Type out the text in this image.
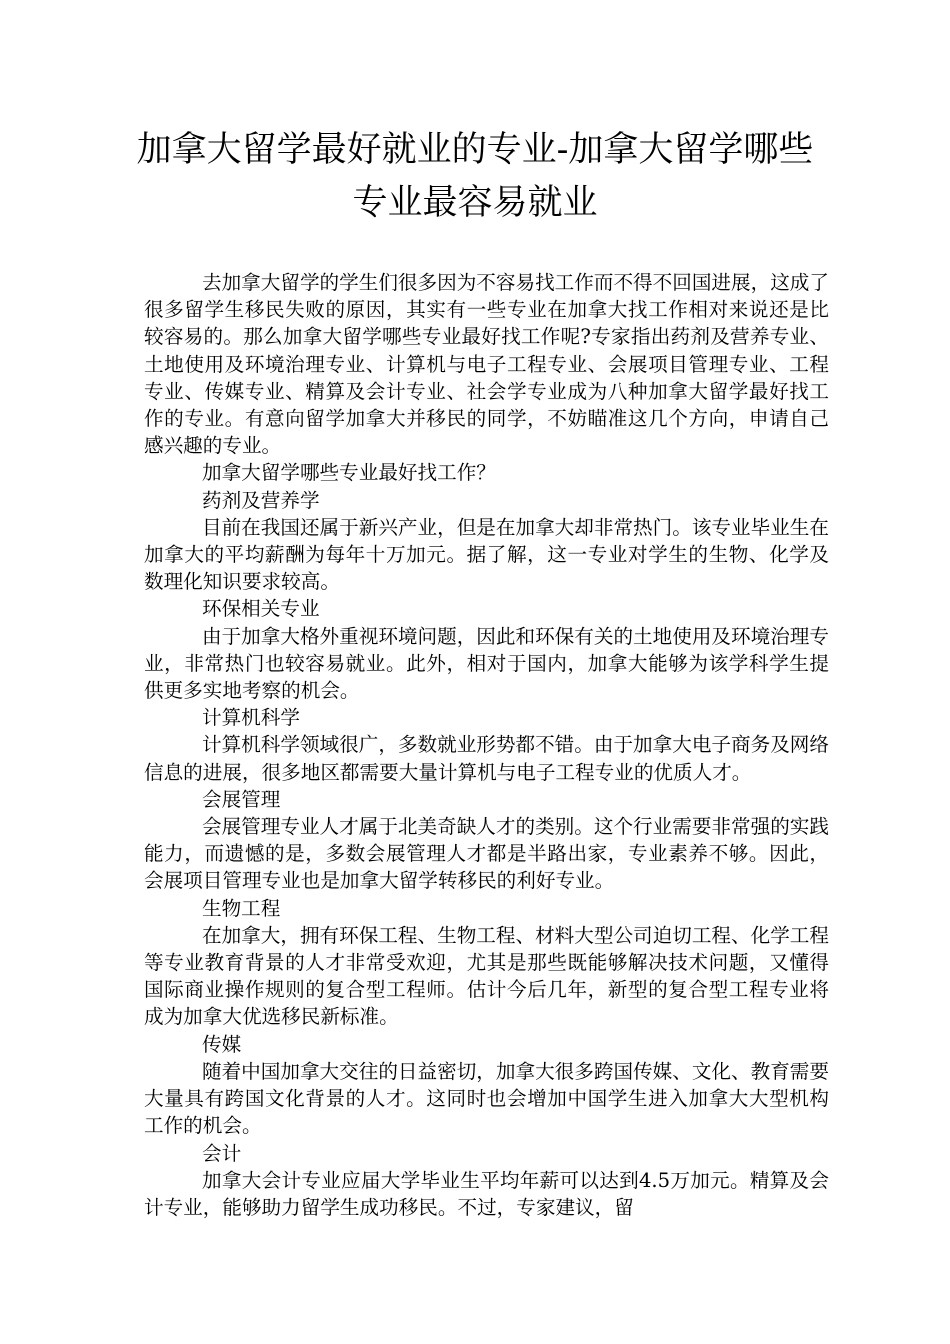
加拿大留学最好就业的专业-加拿大留学哪些专业最容易就业

去加拿大留学的学生们很多因为不容易找工作而不得不回国进展，这成了很多留学生移民失败的原因，其实有一些专业在加拿大找工作相对来说还是比较容易的。那么加拿大留学哪些专业最好找工作呢?专家指出药剂及营养专业、土地使用及环境治理专业、计算机与电子工程专业、会展项目管理专业、工程专业、传媒专业、精算及会计专业、社会学专业成为八种加拿大留学最好找工作的专业。有意向留学加拿大并移民的同学，不妨瞄准这几个方向，申请自己感兴趣的专业。

加拿大留学哪些专业最好找工作？

药剂及营养学

目前在我国还属于新兴产业，但是在加拿大却非常热门。该专业毕业生在加拿大的平均薪酬为每年十万加元。据了解，这一专业对学生的生物、化学及数理化知识要求较高。

环保相关专业

由于加拿大格外重视环境问题，因此和环保有关的土地使用及环境治理专业，非常热门也较容易就业。此外，相对于国内，加拿大能够为该学科学生提供更多实地考察的机会。

计算机科学

计算机科学领域很广，多数就业形势都不错。由于加拿大电子商务及网络信息的进展，很多地区都需要大量计算机与电子工程专业的优质人才。

会展管理

会展管理专业人才属于北美奇缺人才的类别。这个行业需要非常强的实践能力，而遗憾的是，多数会展管理人才都是半路出家，专业素养不够。因此，会展项目管理专业也是加拿大留学转移民的利好专业。

生物工程

在加拿大，拥有环保工程、生物工程、材料大型公司迫切工程、化学工程等专业教育背景的人才非常受欢迎，尤其是那些既能够解决技术问题，又懂得国际商业操作规则的复合型工程师。估计今后几年，新型的复合型工程专业将成为加拿大优选移民新标准。

传媒

随着中国加拿大交往的日益密切，加拿大很多跨国传媒、文化、教育需要大量具有跨国文化背景的人才。这同时也会增加中国学生进入加拿大大型机构工作的机会。

会计

加拿大会计专业应届大学毕业生平均年薪可以达到4.5万加元。精算及会计专业，能够助力留学生成功移民。不过，专家建议，留
